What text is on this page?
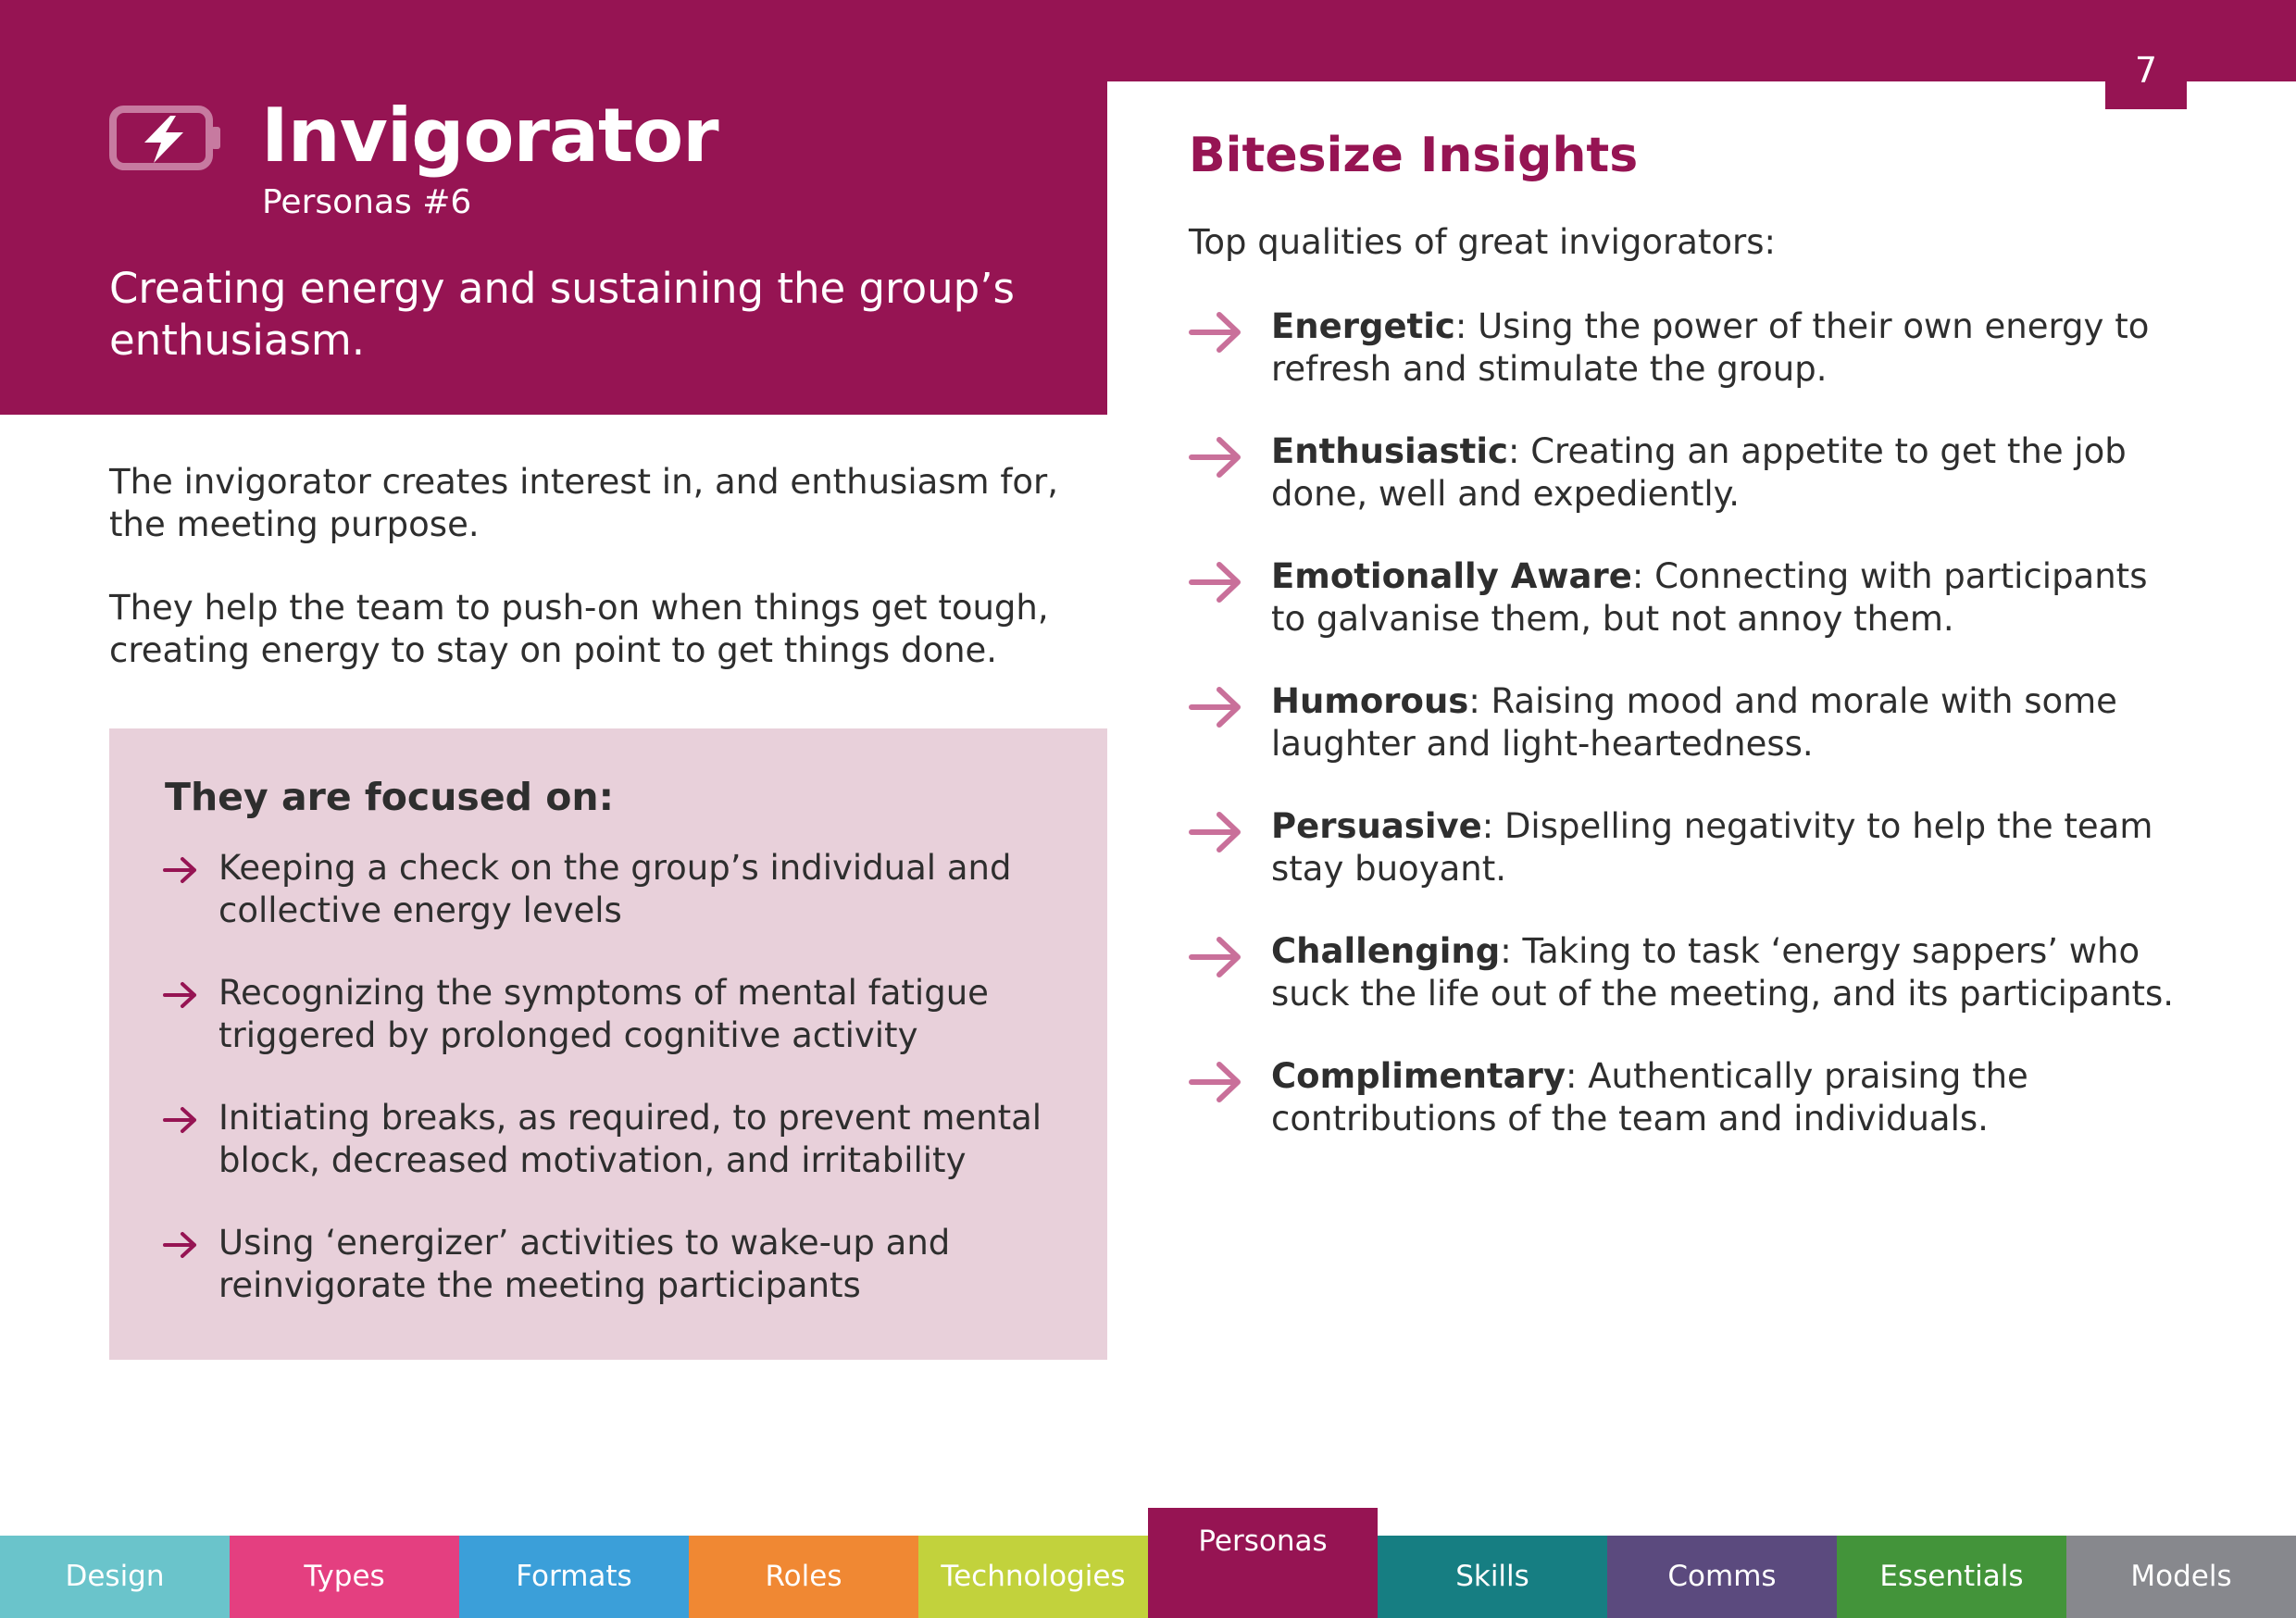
7
Invigorator
Personas #6
Creating energy and sustaining the group’s enthusiasm.

The invigorator creates interest in, and enthusiasm for, the meeting purpose.

They help the team to push-on when things get tough, creating energy to stay on point to get things done.

They are focused on:
Keeping a check on the group’s individual and collective energy levels
Recognizing the symptoms of mental fatigue triggered by prolonged cognitive activity
Initiating breaks, as required, to prevent mental block, decreased motivation, and irritability
Using ‘energizer’ activities to wake-up and reinvigorate the meeting participants
Bitesize Insights
Top qualities of great invigorators:
Energetic: Using the power of their own energy to refresh and stimulate the group.
Enthusiastic: Creating an appetite to get the job done, well and expediently.
Emotionally Aware: Connecting with participants to galvanise them, but not annoy them.
Humorous: Raising mood and morale with some laughter and light-heartedness.
Persuasive: Dispelling negativity to help the team stay buoyant.
Challenging: Taking to task ‘energy sappers’ who suck the life out of the meeting, and its participants.
Complimentary: Authentically praising the contributions of the team and individuals.
Design	Types	Formats	Roles	Technologies
Personas
Skills	Comms	Essentials	Models
